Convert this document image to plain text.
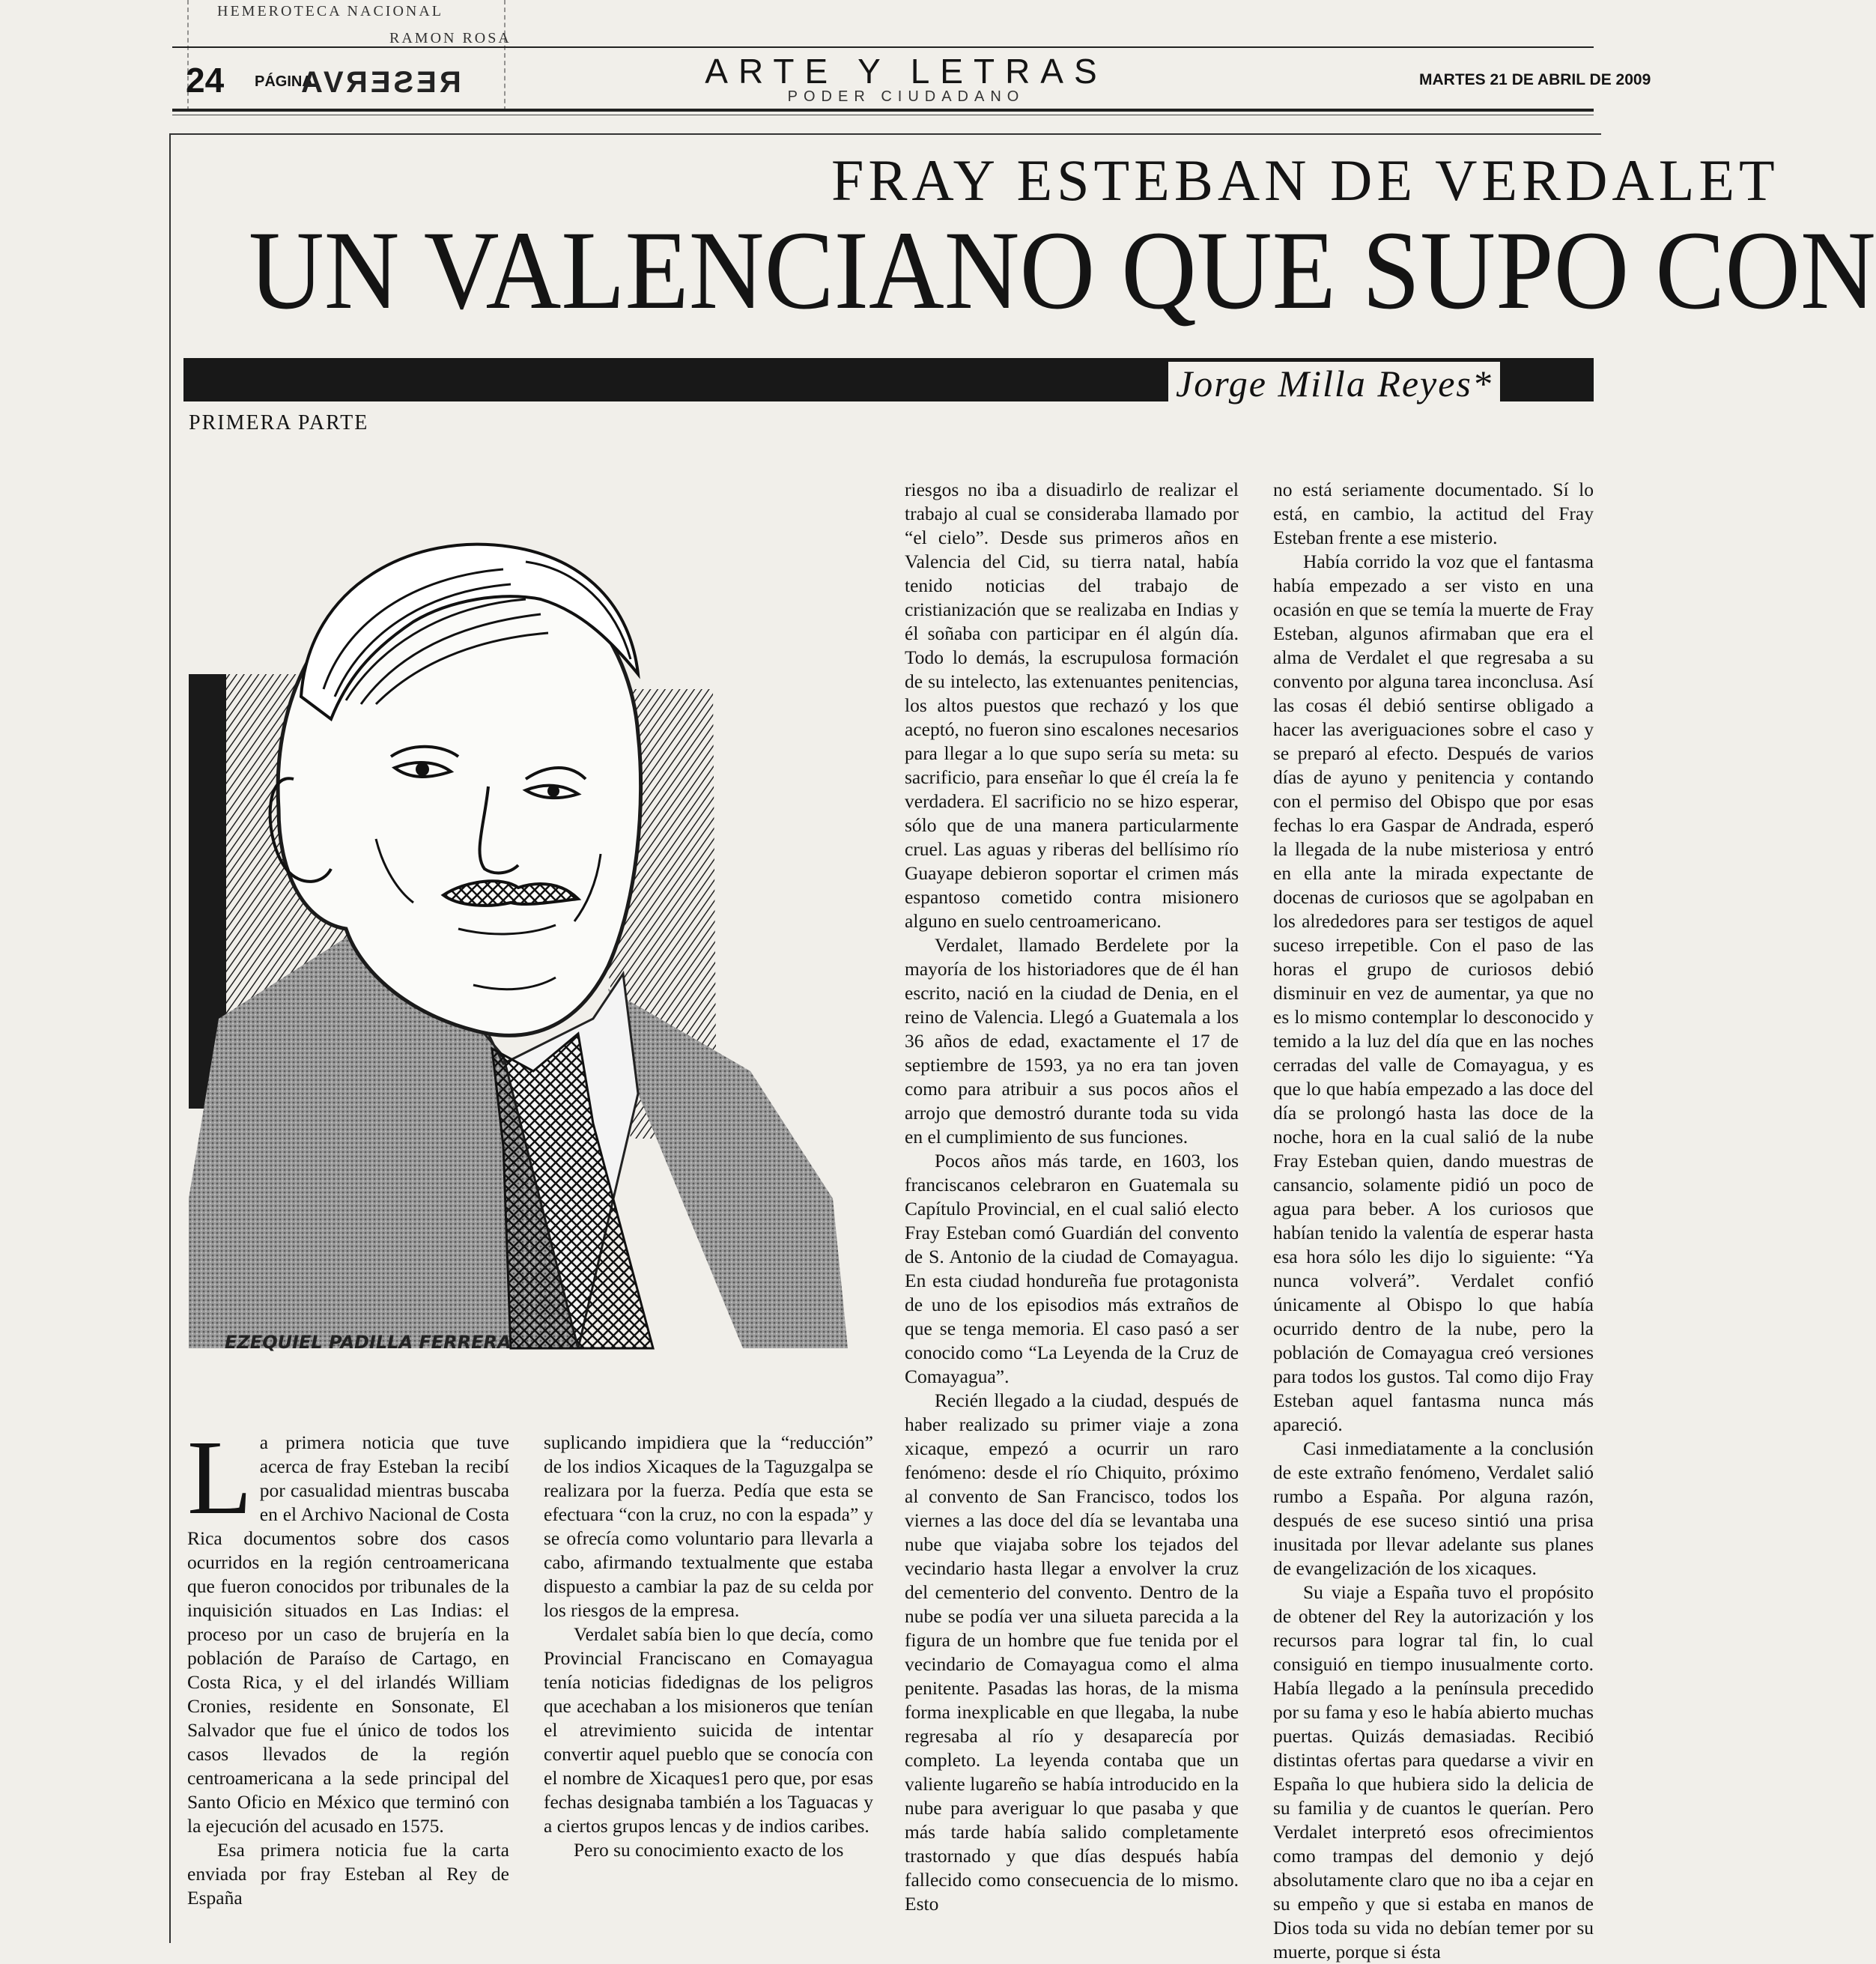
HEMEROTECA NACIONAL
RAMON ROSA
24 PÁGINA
RESERVA	ARTE Y LETRAS
PODER CIUDADANO
MARTES 21 DE ABRIL DE 2009
FRAY ESTEBAN DE VERDALET
UN VALENCIANO QUE SUPO CON
Jorge Milla Reyes*
PRIMERA PARTE
EZEQUIEL PADILLA FERRERA

La primera noticia que tuve acerca de fray Esteban la recibí por casualidad mientras buscaba en el Archivo Nacional de Costa Rica documentos sobre dos casos ocurridos en la región centroamericana que fueron conocidos por tribunales de la inquisición situados en Las Indias: el proceso por un caso de brujería en la población de Paraíso de Cartago, en Costa Rica, y el del irlandés William Cronies, residente en Sonsonate, El Salvador que fue el único de todos los casos llevados de la región centroamericana a la sede principal del Santo Oficio en México que terminó con la ejecución del acusado en 1575.

Esa primera noticia fue la carta enviada por fray Esteban al Rey de España

suplicando impidiera que la “reducción” de los indios Xicaques de la Taguzgalpa se realizara por la fuerza. Pedía que esta se efectuara “con la cruz, no con la espada” y se ofrecía como voluntario para llevarla a cabo, afirmando textualmente que estaba dispuesto a cambiar la paz de su celda por los riesgos de la empresa.

Verdalet sabía bien lo que decía, como Provincial Franciscano en Comayagua tenía noticias fidedignas de los peligros que acechaban a los misioneros que tenían el atrevimiento suicida de intentar convertir aquel pueblo que se conocía con el nombre de Xicaques1 pero que, por esas fechas designaba también a los Taguacas y a ciertos grupos lencas y de indios caribes.

Pero su conocimiento exacto de los

riesgos no iba a disuadirlo de realizar el trabajo al cual se consideraba llamado por “el cielo”. Desde sus primeros años en Valencia del Cid, su tierra natal, había tenido noticias del trabajo de cristianización que se realizaba en Indias y él soñaba con participar en él algún día. Todo lo demás, la escrupulosa formación de su intelecto, las extenuantes penitencias, los altos puestos que rechazó y los que aceptó, no fueron sino escalones necesarios para llegar a lo que supo sería su meta: su sacrificio, para enseñar lo que él creía la fe verdadera. El sacrificio no se hizo esperar, sólo que de una manera particularmente cruel. Las aguas y riberas del bellísimo río Guayape debieron soportar el crimen más espantoso cometido contra misionero alguno en suelo centroamericano.

Verdalet, llamado Berdelete por la mayoría de los historiadores que de él han escrito, nació en la ciudad de Denia, en el reino de Valencia. Llegó a Guatemala a los 36 años de edad, exactamente el 17 de septiembre de 1593, ya no era tan joven como para atribuir a sus pocos años el arrojo que demostró durante toda su vida en el cumplimiento de sus funciones.

Pocos años más tarde, en 1603, los franciscanos celebraron en Guatemala su Capítulo Provincial, en el cual salió electo Fray Esteban comó Guardián del convento de S. Antonio de la ciudad de Comayagua. En esta ciudad hondureña fue protagonista de uno de los episodios más extraños de que se tenga memoria. El caso pasó a ser conocido como “La Leyenda de la Cruz de Comayagua”.

Recién llegado a la ciudad, después de haber realizado su primer viaje a zona xicaque, empezó a ocurrir un raro fenómeno: desde el río Chiquito, próximo al convento de San Francisco, todos los viernes a las doce del día se levantaba una nube que viajaba sobre los tejados del vecindario hasta llegar a envolver la cruz del cementerio del convento. Dentro de la nube se podía ver una silueta parecida a la figura de un hombre que fue tenida por el vecindario de Comayagua como el alma penitente. Pasadas las horas, de la misma forma inexplicable en que llegaba, la nube regresaba al río y desaparecía por completo. La leyenda contaba que un valiente lugareño se había introducido en la nube para averiguar lo que pasaba y que más tarde había salido completamente trastornado y que días después había fallecido como consecuencia de lo mismo. Esto

no está seriamente documentado. Sí lo está, en cambio, la actitud del Fray Esteban frente a ese misterio.

Había corrido la voz que el fantasma había empezado a ser visto en una ocasión en que se temía la muerte de Fray Esteban, algunos afirmaban que era el alma de Verdalet el que regresaba a su convento por alguna tarea inconclusa. Así las cosas él debió sentirse obligado a hacer las averiguaciones sobre el caso y se preparó al efecto. Después de varios días de ayuno y penitencia y contando con el permiso del Obispo que por esas fechas lo era Gaspar de Andrada, esperó la llegada de la nube misteriosa y entró en ella ante la mirada expectante de docenas de curiosos que se agolpaban en los alrededores para ser testigos de aquel suceso irrepetible. Con el paso de las horas el grupo de curiosos debió disminuir en vez de aumentar, ya que no es lo mismo contemplar lo desconocido y temido a la luz del día que en las noches cerradas del valle de Comayagua, y es que lo que había empezado a las doce del día se prolongó hasta las doce de la noche, hora en la cual salió de la nube Fray Esteban quien, dando muestras de cansancio, solamente pidió un poco de agua para beber. A los curiosos que habían tenido la valentía de esperar hasta esa hora sólo les dijo lo siguiente: “Ya nunca volverá”. Verdalet confió únicamente al Obispo lo que había ocurrido dentro de la nube, pero la población de Comayagua creó versiones para todos los gustos. Tal como dijo Fray Esteban aquel fantasma nunca más apareció.

Casi inmediatamente a la conclusión de este extraño fenómeno, Verdalet salió rumbo a España. Por alguna razón, después de ese suceso sintió una prisa inusitada por llevar adelante sus planes de evangelización de los xicaques.

Su viaje a España tuvo el propósito de obtener del Rey la autorización y los recursos para lograr tal fin, lo cual consiguió en tiempo inusualmente corto. Había llegado a la península precedido por su fama y eso le había abierto muchas puertas. Quizás demasiadas. Recibió distintas ofertas para quedarse a vivir en España lo que hubiera sido la delicia de su familia y de cuantos le querían. Pero Verdalet interpretó esos ofrecimientos como trampas del demonio y dejó absolutamente claro que no iba a cejar en su empeño y que si estaba en manos de Dios toda su vida no debían temer por su muerte, porque si ésta
